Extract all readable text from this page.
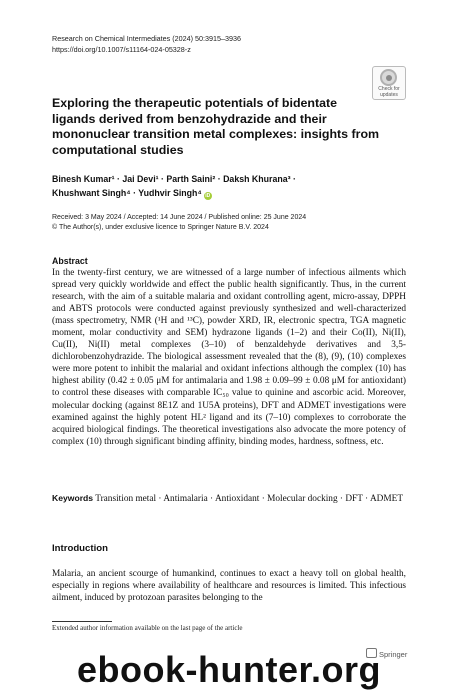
Research on Chemical Intermediates (2024) 50:3915–3936
https://doi.org/10.1007/s11164-024-05328-z
Check for
updates
Exploring the therapeutic potentials of bidentate ligands derived from benzohydrazide and their mononuclear transition metal complexes: insights from computational studies
Binesh Kumar¹ · Jai Devi¹ · Parth Saini² · Daksh Khurana³ ·
Khushwant Singh⁴ · Yudhvir Singh⁴ iD
Received: 3 May 2024 / Accepted: 14 June 2024 / Published online: 25 June 2024
© The Author(s), under exclusive licence to Springer Nature B.V. 2024
Abstract

In the twenty-first century, we are witnessed of a large number of infectious ailments which spread very quickly worldwide and effect the public health significantly. Thus, in the current research, with the aim of a suitable malaria and oxidant controlling agent, micro-assay, DPPH and ABTS protocols were conducted against previously synthesized and well-characterized (mass spectrometry, NMR (¹H and ¹³C), powder XRD, IR, electronic spectra, TGA magnetic moment, molar conductivity and SEM) hydrazone ligands (1–2) and their Co(II), Ni(II), Cu(II), Ni(II) metal complexes (3–10) of benzaldehyde derivatives and 3,5-dichlorobenzohydrazide. The biological assessment revealed that the (8), (9), (10) complexes were more potent to inhibit the malarial and oxidant infections although the complex (10) has highest ability (0.42 ± 0.05 μM for antimalaria and 1.98 ± 0.09–99 ± 0.08 μM for antioxidant) to control these diseases with comparable IC₅₀ value to quinine and ascorbic acid. Moreover, molecular docking (against 8E1Z and 1U5A proteins), DFT and ADMET investigations were examined against the highly potent HL² ligand and its (7–10) complexes to corroborate the acquired biological findings. The theoretical investigations also advocate the more potency of complex (10) through significant binding affinity, binding modes, hardness, softness, etc.

Keywords Transition metal · Antimalaria · Antioxidant · Molecular docking · DFT · ADMET
Introduction

Malaria, an ancient scourge of humankind, continues to exact a heavy toll on global health, especially in regions where availability of healthcare and resources is limited. This infectious ailment, induced by protozoan parasites belonging to the

Extended author information available on the last page of the article
Springer
ebook-hunter.org
